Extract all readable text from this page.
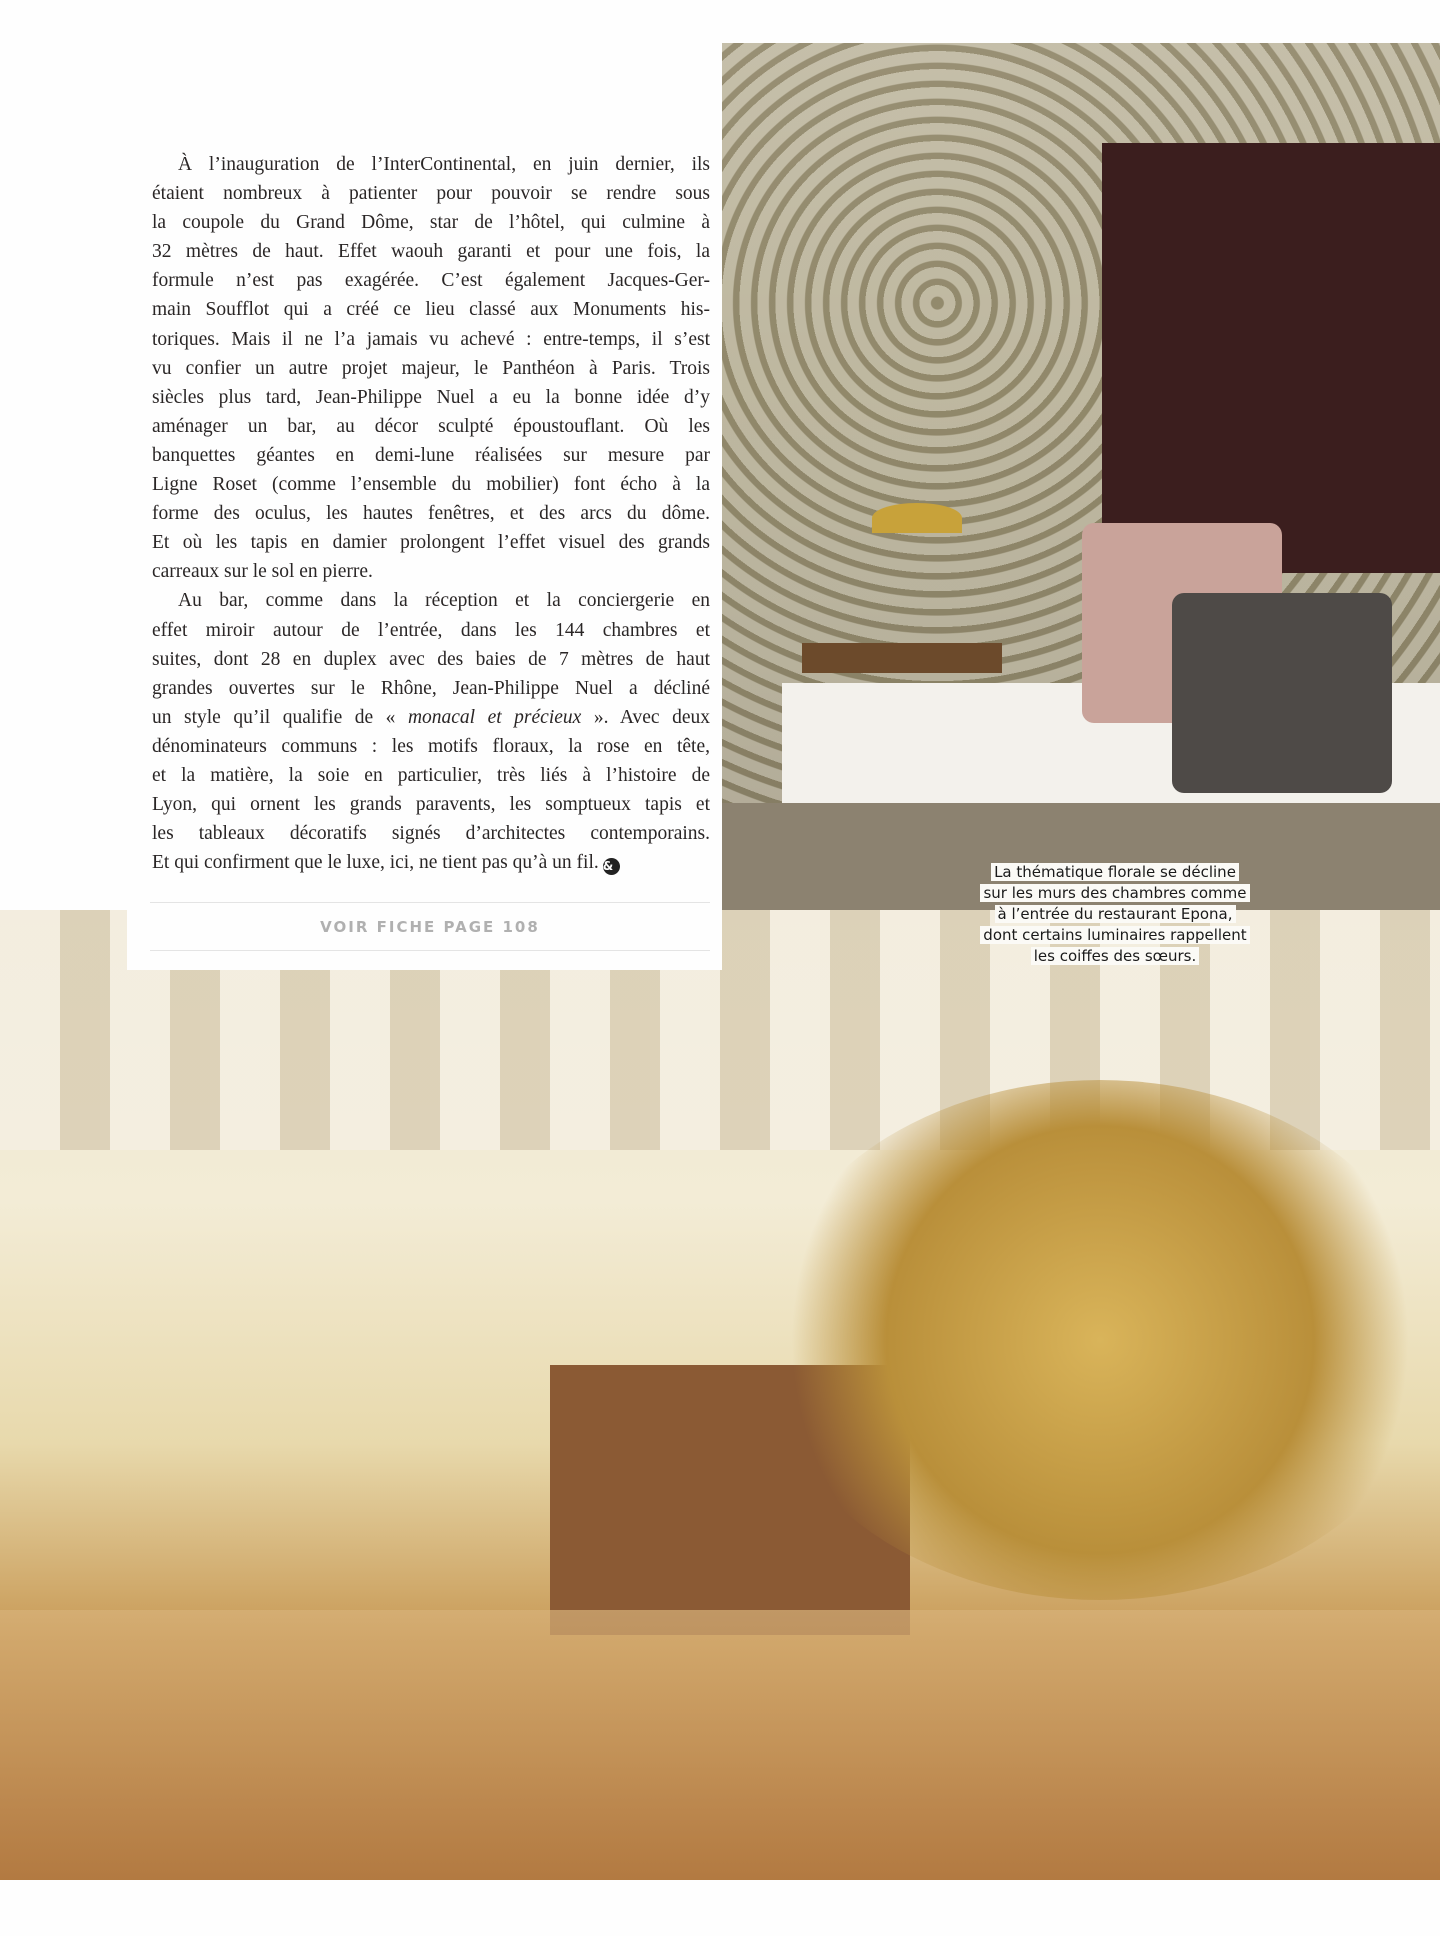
À l’inauguration de l’InterContinental, en juin dernier, ils
étaient nombreux à patienter pour pouvoir se rendre sous
la coupole du Grand Dôme, star de l’hôtel, qui culmine à
32 mètres de haut. Effet waouh garanti et pour une fois, la
formule n’est pas exagérée. C’est également Jacques-Ger-
main Soufflot qui a créé ce lieu classé aux Monuments his-
toriques. Mais il ne l’a jamais vu achevé : entre-temps, il s’est
vu confier un autre projet majeur, le Panthéon à Paris. Trois
siècles plus tard, Jean-Philippe Nuel a eu la bonne idée d’y
aménager un bar, au décor sculpté époustouflant. Où les
banquettes géantes en demi-lune réalisées sur mesure par
Ligne Roset (comme l’ensemble du mobilier) font écho à la
forme des oculus, les hautes fenêtres, et des arcs du dôme.
Et où les tapis en damier prolongent l’effet visuel des grands
carreaux sur le sol en pierre.
Au bar, comme dans la réception et la conciergerie en
effet miroir autour de l’entrée, dans les 144 chambres et
suites, dont 28 en duplex avec des baies de 7 mètres de haut
grandes ouvertes sur le Rhône, Jean-Philippe Nuel a décliné
un style qu’il qualifie de « monacal et précieux ». Avec deux
dénominateurs communs : les motifs floraux, la rose en tête,
et la matière, la soie en particulier, très liés à l’histoire de
Lyon, qui ornent les grands paravents, les somptueux tapis et
les tableaux décoratifs signés d’architectes contemporains.
Et qui confirment que le luxe, ici, ne tient pas qu’à un fil. &
VOIR FICHE PAGE 108
La thématique florale se décline
sur les murs des chambres comme
à l’entrée du restaurant Epona,
dont certains luminaires rappellent
les coiffes des sœurs.
